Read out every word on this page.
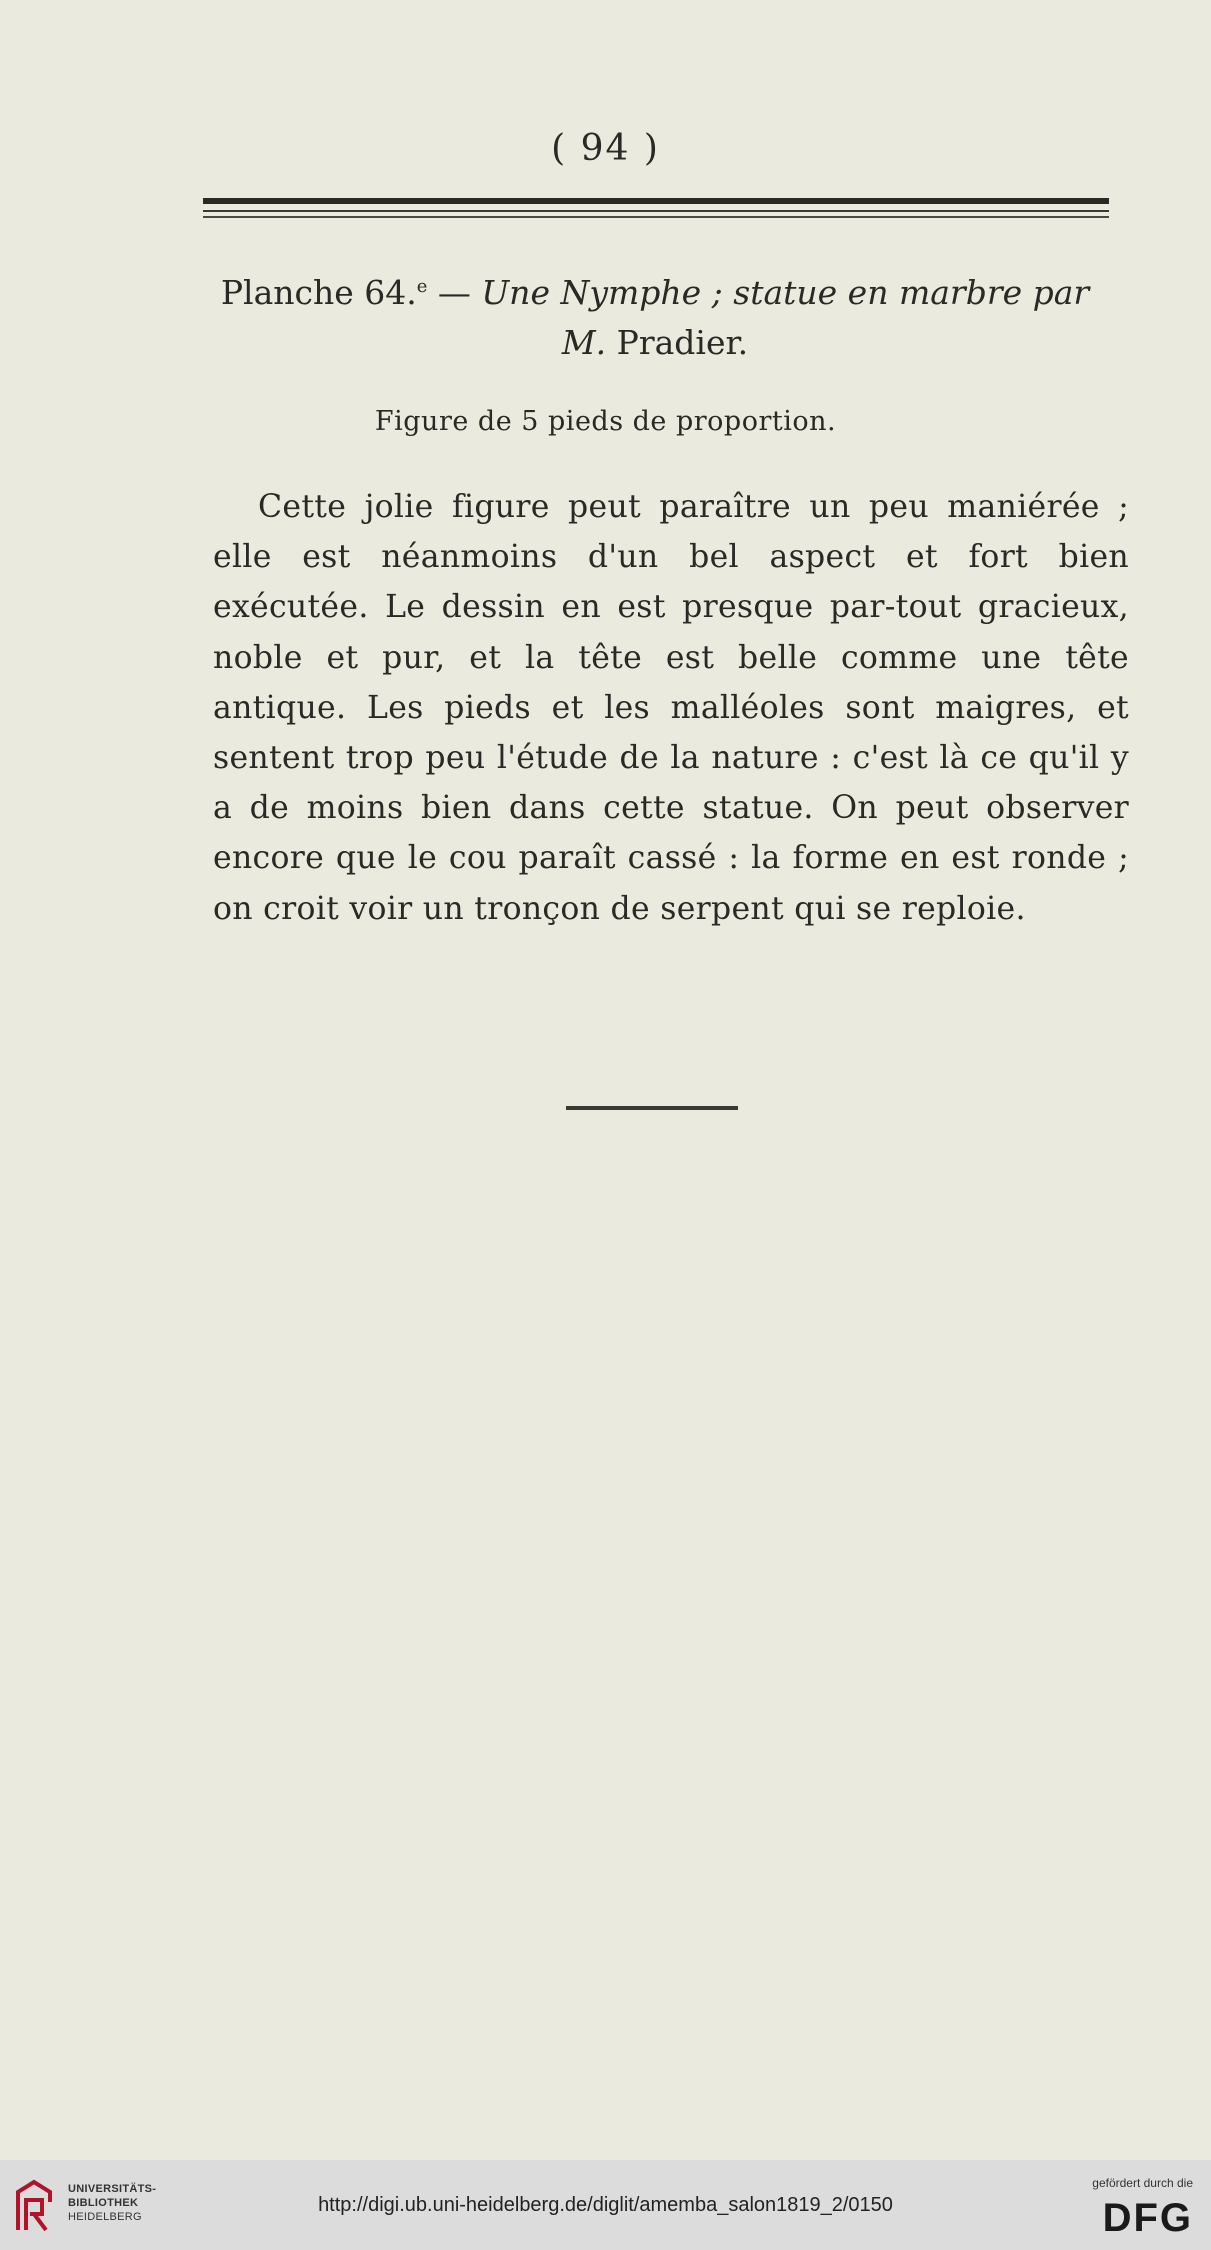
( 94 )
Planche 64.$^e$ — Une Nymphe ; statue en marbre par
M. Pradier.
Figure de 5 pieds de proportion.

Cette jolie figure peut paraître un peu maniérée ; elle est néanmoins d'un bel aspect et fort bien exécutée. Le dessin en est presque par-tout gracieux, noble et pur, et la tête est belle comme une tête antique. Les pieds et les malléoles sont maigres, et sentent trop peu l'étude de la nature : c'est là ce qu'il y a de moins bien dans cette statue. On peut observer encore que le cou paraît cassé : la forme en est ronde ; on croit voir un tronçon de serpent qui se reploie.

UNIVERSITÄTS-
BIBLIOTHEK
HEIDELBERG
http://digi.ub.uni-heidelberg.de/diglit/amemba_salon1819_2/0150
gefördert durch die
DFG
